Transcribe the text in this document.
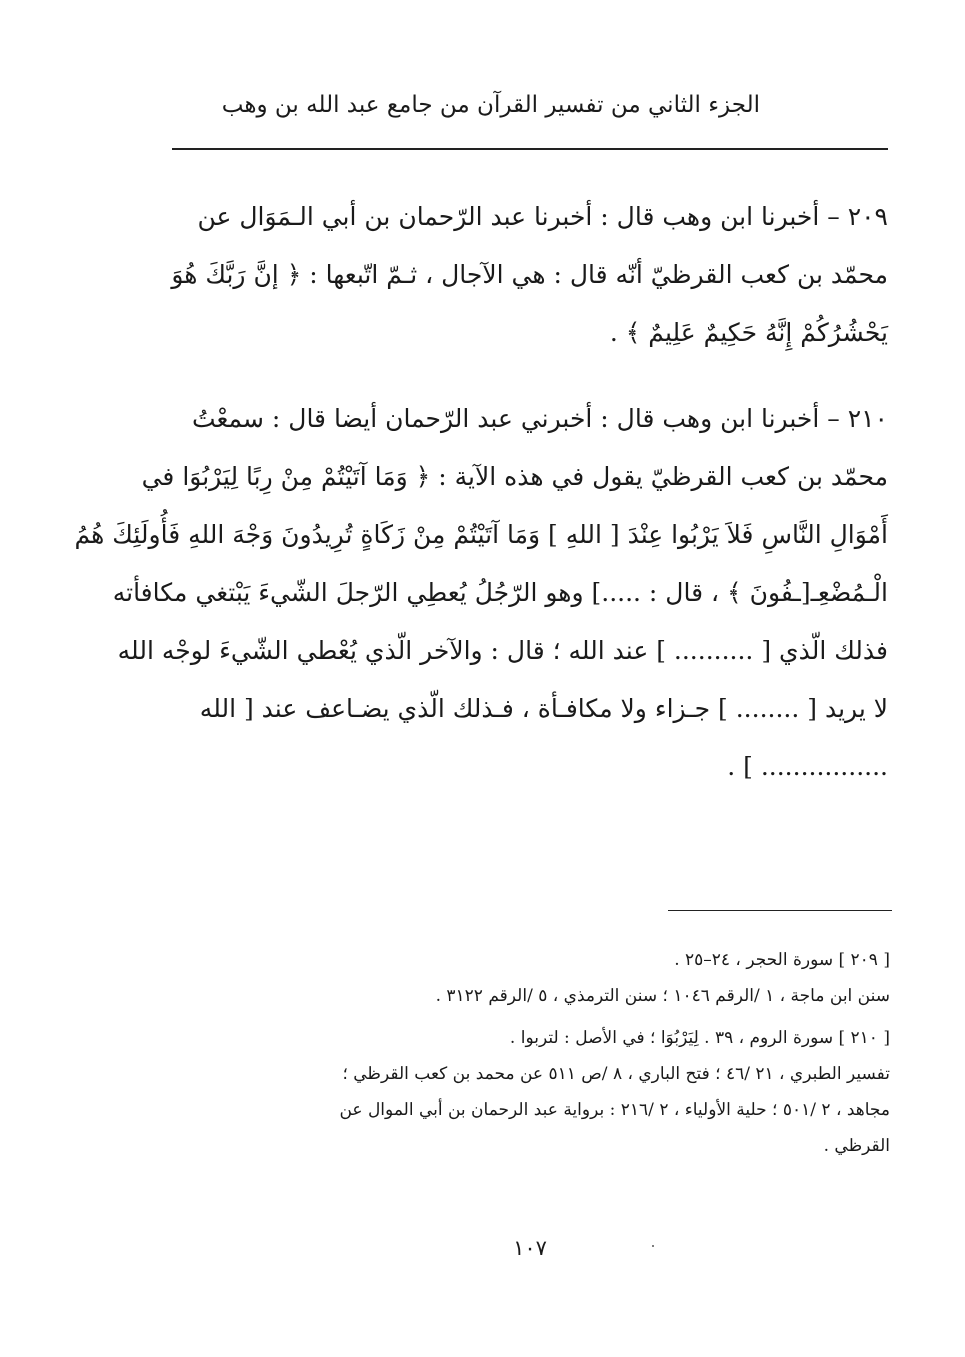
الجزء الثاني من تفسير القرآن من جامع عبد الله بن وهب
٢٠٩ – أخبرنا ابن وهب قال : أخبرنا عبد الرّحمان بن أبي الـمَوَال عن
محمّد بن كعب القرظيّ أنّه قال : هي الآجال ، ثـمّ اتّبعها : ﴿ إنَّ رَبَّكَ هُوَ
يَحْشُرُكُمْ إِنَّهُ حَكِيمٌ عَلِيمٌ ﴾ .
٢١٠ – أخبرنا ابن وهب قال : أخبرني عبد الرّحمان أيضا قال : سمعْتُ
محمّد بن كعب القرظيّ يقول في هذه الآية : ﴿ وَمَا آتَيْتُمْ مِنْ رِبًا لِيَرْبُوَا في
أَمْوَالِ النَّاسِ فَلاَ يَرْبُوا عِنْدَ [ اللهِ ] وَمَا آتَيْتُمْ مِنْ زَكَاةٍ تُرِيدُونَ وَجْهَ اللهِ فَأُولَئِكَ هُمُ
الْـمُضْعِـ[ـفُونَ ﴾ ، قال : .....] وهو الرّجُلُ يُعطِي الرّجلَ الشّيءَ يَبْتغي مكافأته
فذلك الّذي [ .......... ] عند الله ؛ قال : والآخر الّذي يُعْطي الشّيءَ لوجْه الله
لا يريد [ ........ ] جـزاء ولا مكافـأة ، فـذلك الّذي يضـاعف عند [ الله
................ ] .
[ ٢٠٩ ] سورة الحجر ، ٢٤–٢٥ .
سنن ابن ماجة ، ١ /الرقم ١٠٤٦ ؛ سنن الترمذي ، ٥ /الرقم ٣١٢٢ .
[ ٢١٠ ] سورة الروم ، ٣٩ . لِيَرْبُوَا ؛ في الأصل : لتربوا .
تفسير الطبري ، ٢١ /٤٦ ؛ فتح الباري ، ٨ /ص ٥١١ عن محمد بن كعب القرظي ؛
مجاهد ، ٢ /٥٠١ ؛ حلية الأولياء ، ٢ /٢١٦ : برواية عبد الرحمان بن أبي الموال عن
القرظي .
١٠٧
